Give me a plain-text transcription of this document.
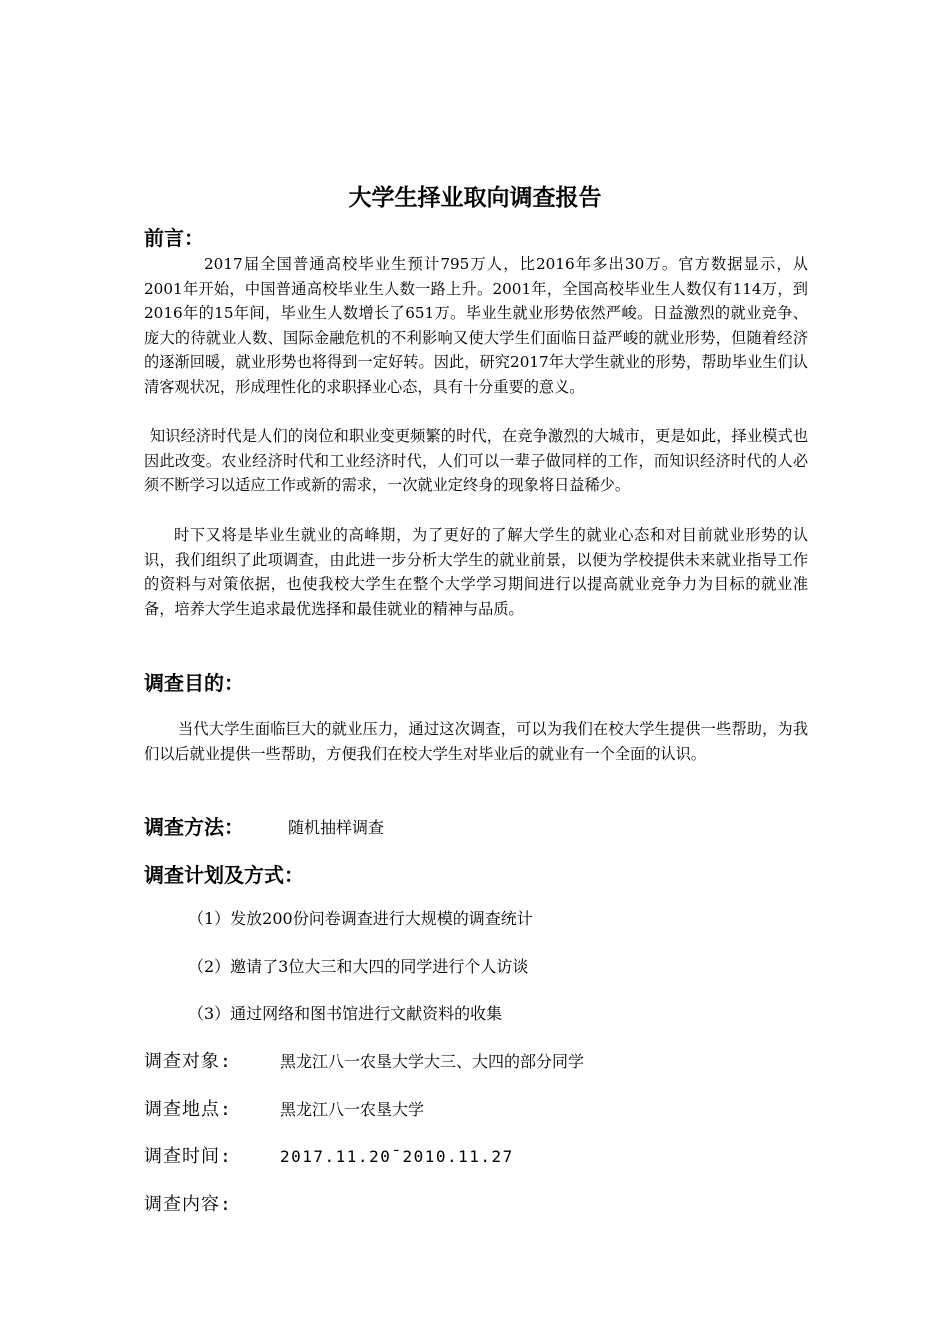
大学生择业取向调查报告
前言：

2017届全国普通高校毕业生预计795万人，比2016年多出30万。官方数据显示，从2001年开始，中国普通高校毕业生人数一路上升。2001年，全国高校毕业生人数仅有114万，到2016年的15年间，毕业生人数增长了651万。毕业生就业形势依然严峻。日益激烈的就业竞争、庞大的待就业人数、国际金融危机的不利影响又使大学生们面临日益严峻的就业形势，但随着经济的逐渐回暖，就业形势也将得到一定好转。因此，研究2017年大学生就业的形势，帮助毕业生们认清客观状况，形成理性化的求职择业心态，具有十分重要的意义。

知识经济时代是人们的岗位和职业变更频繁的时代，在竞争激烈的大城市，更是如此，择业模式也因此改变。农业经济时代和工业经济时代，人们可以一辈子做同样的工作，而知识经济时代的人必须不断学习以适应工作或新的需求，一次就业定终身的现象将日益稀少。

时下又将是毕业生就业的高峰期，为了更好的了解大学生的就业心态和对目前就业形势的认识，我们组织了此项调查，由此进一步分析大学生的就业前景，以便为学校提供未来就业指导工作的资料与对策依据，也使我校大学生在整个大学学习期间进行以提高就业竞争力为目标的就业准备，培养大学生追求最优选择和最佳就业的精神与品质。

调查目的：

当代大学生面临巨大的就业压力，通过这次调查，可以为我们在校大学生提供一些帮助，为我们以后就业提供一些帮助，方便我们在校大学生对毕业后的就业有一个全面的认识。

调查方法：	随机抽样调查
调查计划及方式：

（1）发放200份问卷调查进行大规模的调查统计

（2）邀请了3位大三和大四的同学进行个人访谈

（3）通过网络和图书馆进行文献资料的收集

调查对象:	黑龙江八一农垦大学大三、大四的部分同学
调查地点:	黑龙江八一农垦大学
调查时间:	2017.11.20¯2010.11.27
调查内容:
